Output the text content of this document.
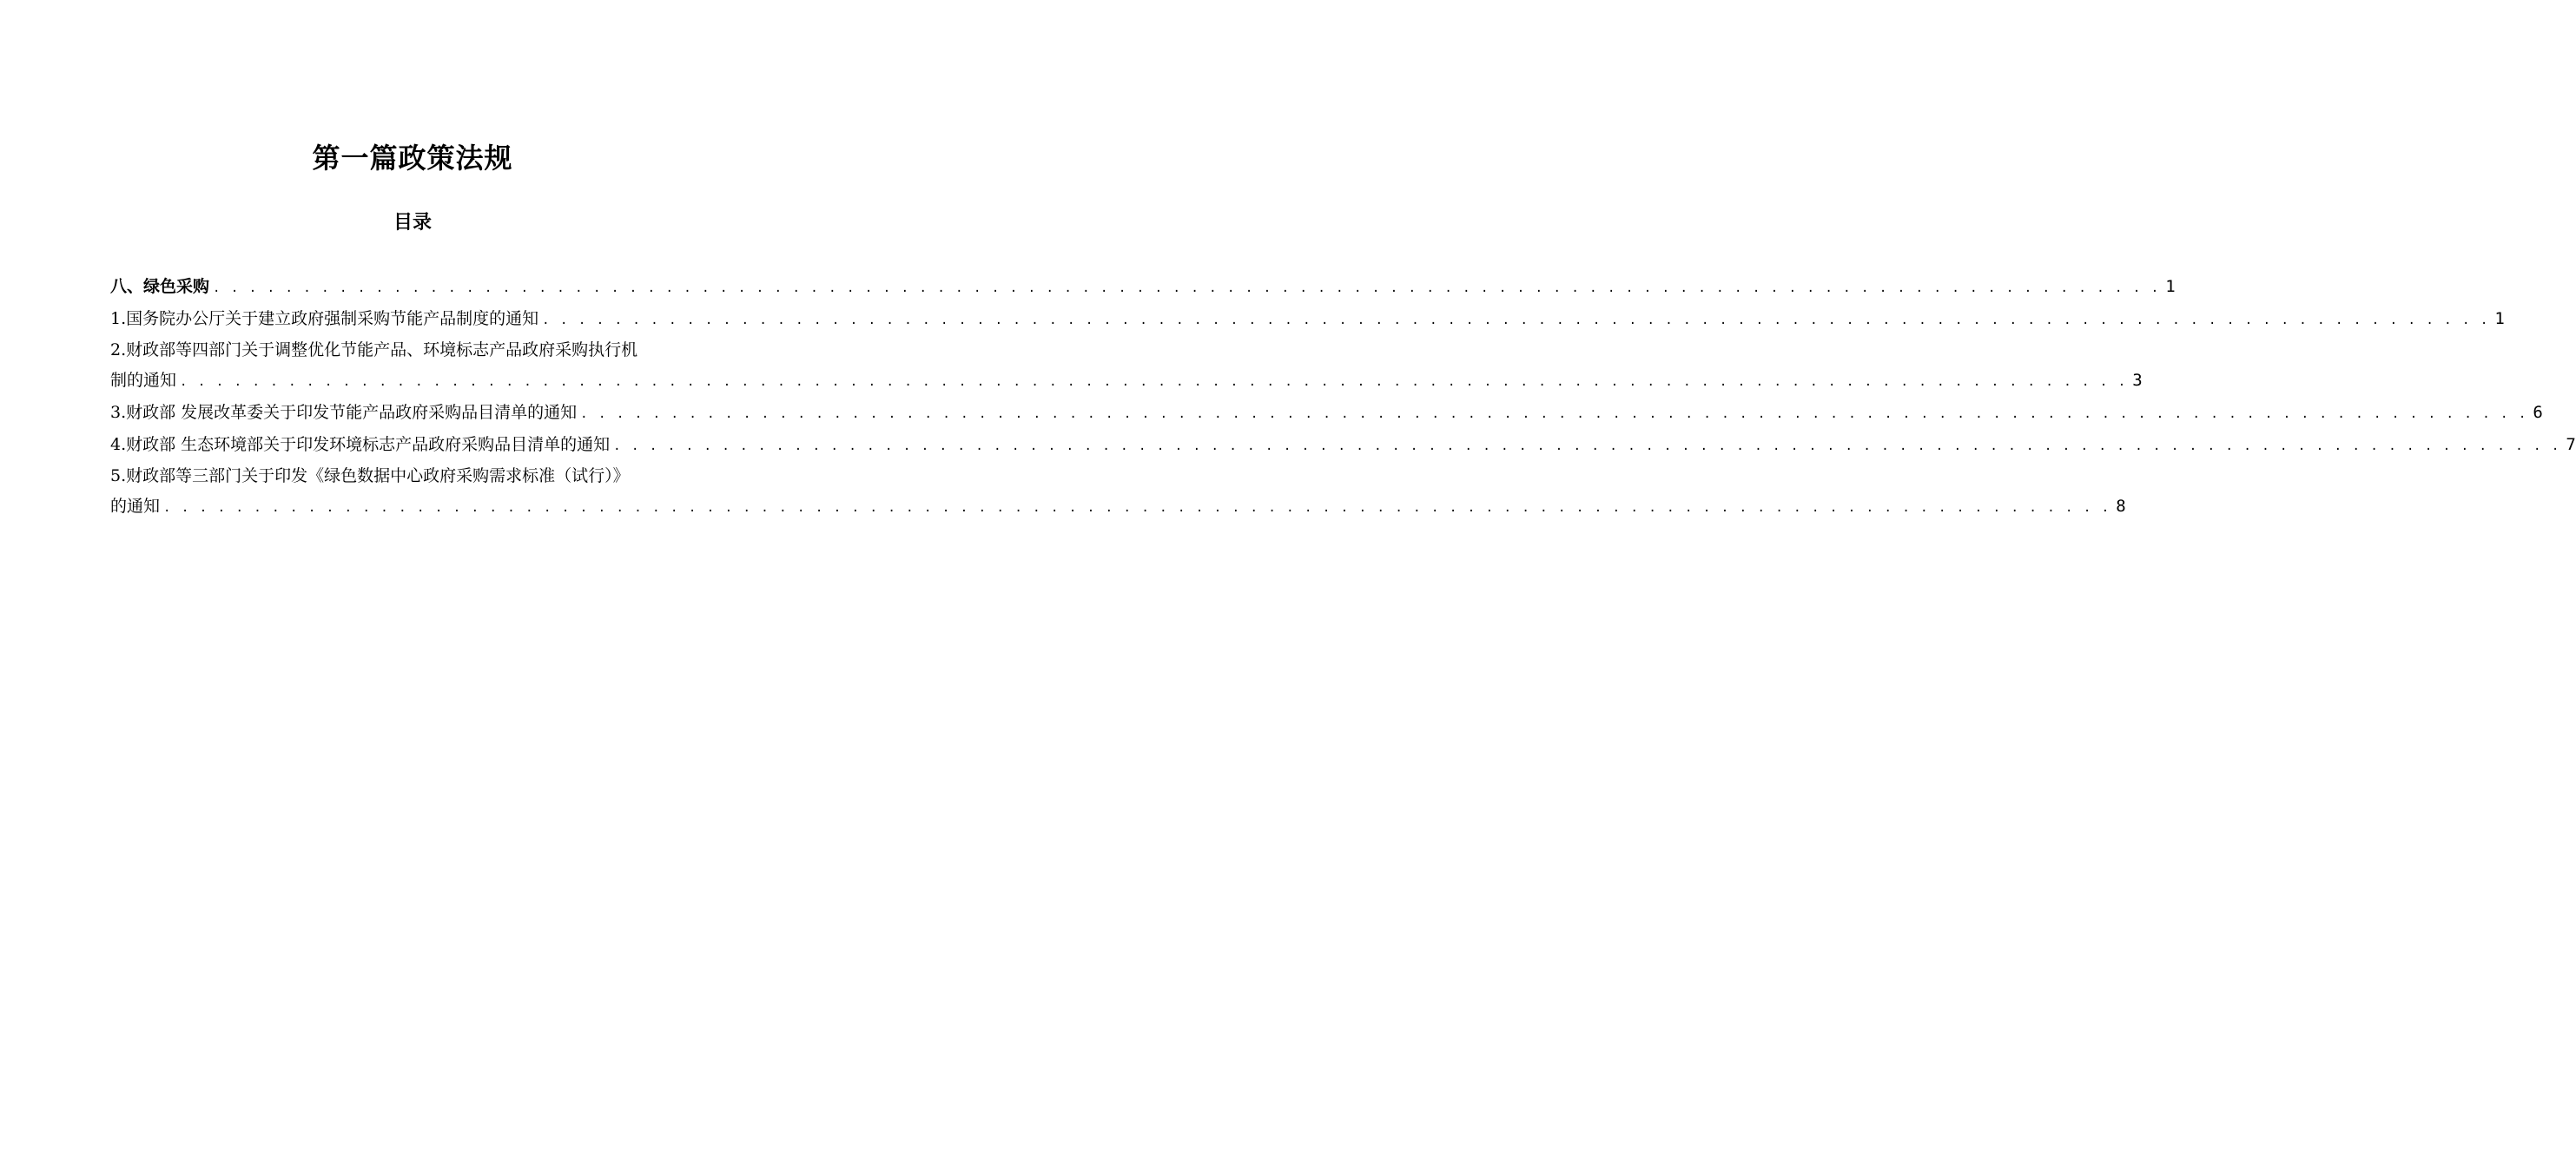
第一篇政策法规
目录
八、绿色采购 . . .	1
1.国务院办公厅关于建立政府强制采购节能产品制度的通知 . . .	1
2.财政部等四部门关于调整优化节能产品、环境标志产品政府采购执行机
制的通知 . . .	3
3.财政部 发展改革委关于印发节能产品政府采购品目清单的通知 . . .	6
4.财政部 生态环境部关于印发环境标志产品政府采购品目清单的通知 . . .	7
5.财政部等三部门关于印发《绿色数据中心政府采购需求标准（试行）》
的通知 . . .	8
